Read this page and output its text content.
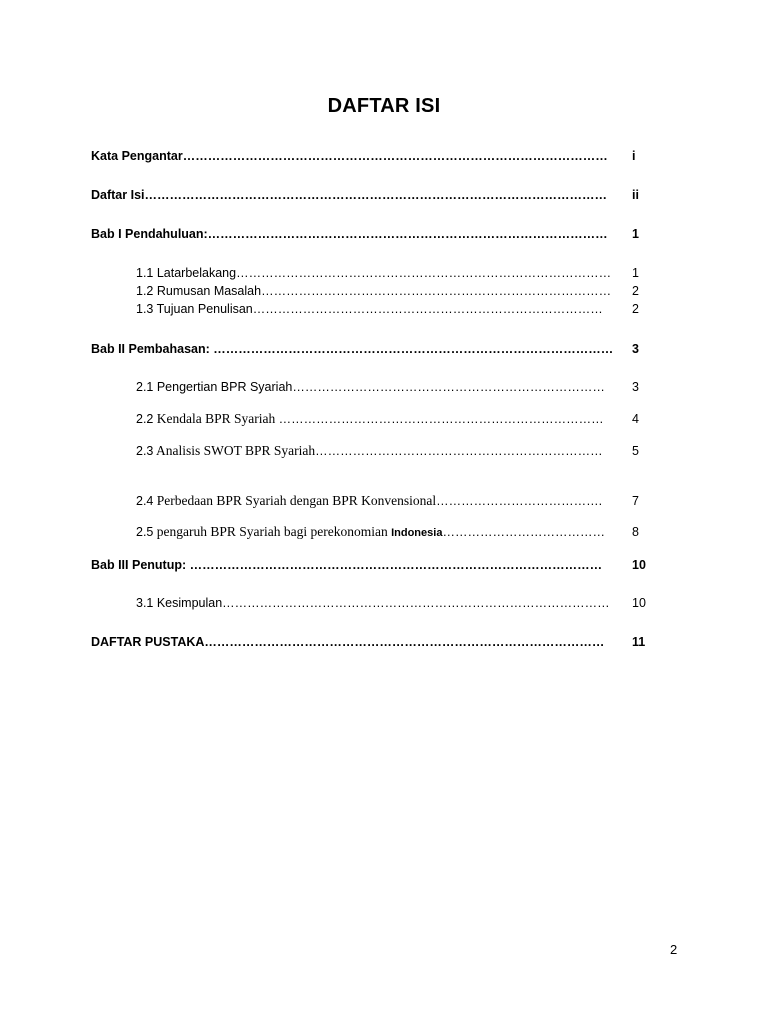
DAFTAR ISI
Kata Pengantar………………………………………………………………………………………… i
Daftar Isi………………………………………………………………………………………………… ii
Bab I Pendahuluan:…………………………………………………………………………………… 1
1.1 Latarbelakang……………………………………………………………………………… 1
1.2 Rumusan Masalah………………………………………………………………………… 2
1.3 Tujuan Penulisan………………………………………………………………………… 2
Bab II Pembahasan: …………………………………………………………………………………… 3
2.1 Pengertian BPR Syariah………………………………………………………………… 3
2.2 Kendala BPR Syariah …………………………………………………………………… 4
2.3 Analisis SWOT BPR Syariah…………………………………………………………… 5
2.4 Perbedaan BPR Syariah dengan BPR Konvensional…………………………………. 7
2.5 pengaruh BPR Syariah bagi perekonomian Indonesia………………………………… 8
Bab III Penutup: ……………………………………………………………………………………… 10
3.1 Kesimpulan………………………………………………………………………………… 10
DAFTAR PUSTAKA…………………………………………………………………………………… 11
2
